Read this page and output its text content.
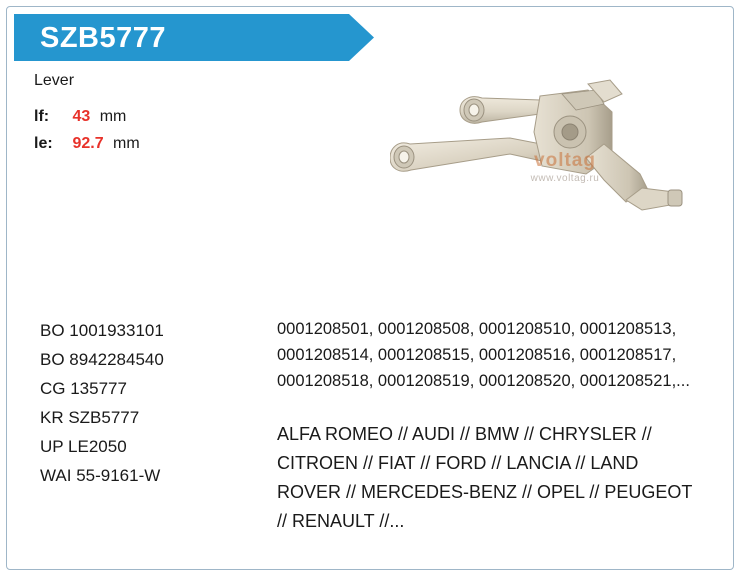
SZB5777
Lever
lf: 43 mm
le: 92.7 mm
voltag
www.voltag.ru
BO 1001933101
BO 8942284540
CG 135777
KR SZB5777
UP LE2050
WAI 55-9161-W
0001208501, 0001208508, 0001208510, 0001208513, 0001208514, 0001208515, 0001208516, 0001208517, 0001208518, 0001208519, 0001208520, 0001208521,...
ALFA ROMEO // AUDI // BMW // CHRYSLER // CITROEN // FIAT // FORD // LANCIA // LAND ROVER // MERCEDES-BENZ // OPEL // PEUGEOT // RENAULT //...
